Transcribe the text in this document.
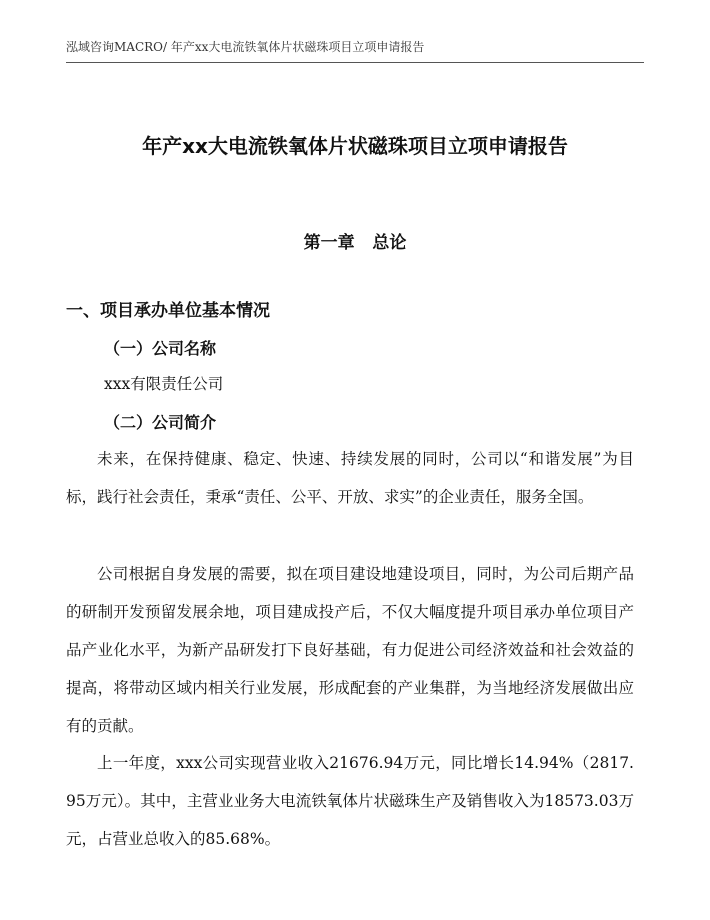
泓域咨询MACRO/ 年产xx大电流铁氧体片状磁珠项目立项申请报告
年产xx大电流铁氧体片状磁珠项目立项申请报告
第一章   总论
一、项目承办单位基本情况
（一）公司名称
xxx有限责任公司
（二）公司简介

未来，在保持健康、稳定、快速、持续发展的同时，公司以“和谐发展”为目标，践行社会责任，秉承“责任、公平、开放、求实”的企业责任，服务全国。

公司根据自身发展的需要，拟在项目建设地建设项目，同时，为公司后期产品的研制开发预留发展余地，项目建成投产后，不仅大幅度提升项目承办单位项目产品产业化水平，为新产品研发打下良好基础，有力促进公司经济效益和社会效益的提高，将带动区域内相关行业发展，形成配套的产业集群，为当地经济发展做出应有的贡献。

上一年度，xxx公司实现营业收入21676.94万元，同比增长14.94%（2817.95万元）。其中，主营业业务大电流铁氧体片状磁珠生产及销售收入为18573.03万元，占营业总收入的85.68%。
